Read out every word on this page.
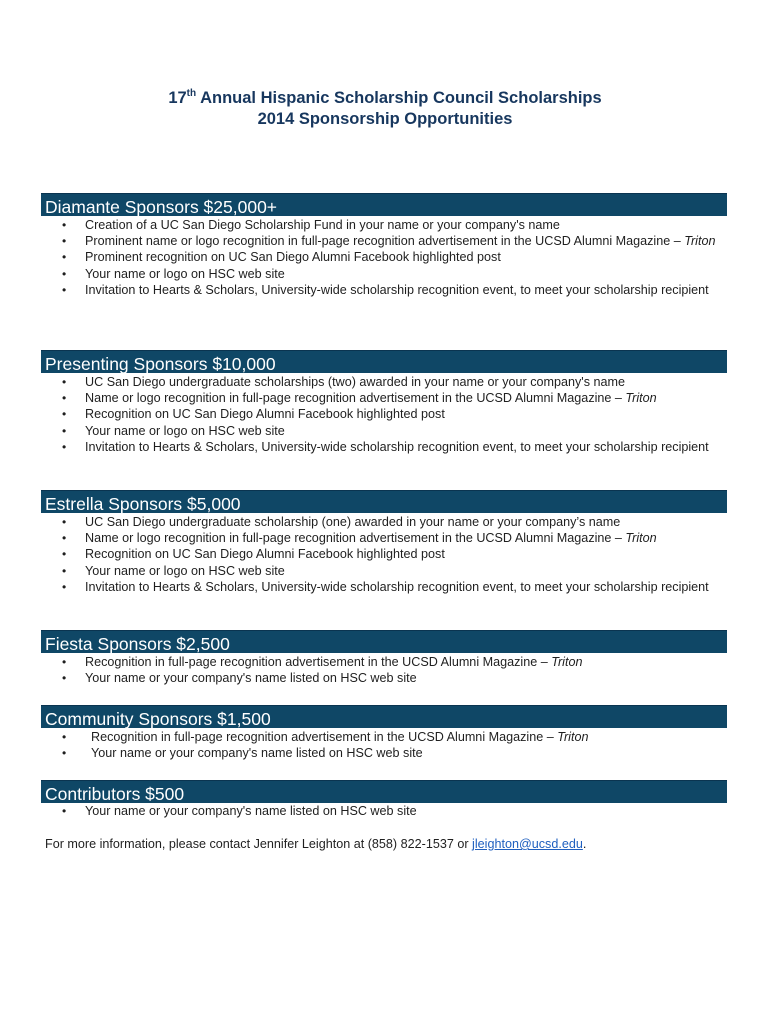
17th Annual Hispanic Scholarship Council Scholarships
2014 Sponsorship Opportunities
Diamante Sponsors $25,000+
• Creation of a UC San Diego Scholarship Fund in your name or your company's name
• Prominent name or logo recognition in full-page recognition advertisement in the UCSD Alumni Magazine – Triton
• Prominent recognition on UC San Diego Alumni Facebook highlighted post
• Your name or logo on HSC web site
• Invitation to Hearts & Scholars, University-wide scholarship recognition event, to meet your scholarship recipient
Presenting Sponsors $10,000
• UC San Diego undergraduate scholarships (two) awarded in your name or your company's name
• Name or logo recognition in full-page recognition advertisement in the UCSD Alumni Magazine – Triton
• Recognition on UC San Diego Alumni Facebook highlighted post
• Your name or logo on HSC web site
• Invitation to Hearts & Scholars, University-wide scholarship recognition event, to meet your scholarship recipient
Estrella Sponsors $5,000
• UC San Diego undergraduate scholarship (one) awarded in your name or your company’s name
• Name or logo recognition in full-page recognition advertisement in the UCSD Alumni Magazine – Triton
• Recognition on UC San Diego Alumni Facebook highlighted post
• Your name or logo on HSC web site
• Invitation to Hearts & Scholars, University-wide scholarship recognition event, to meet your scholarship recipient
Fiesta Sponsors $2,500
• Recognition in full-page recognition advertisement in the UCSD Alumni Magazine – Triton
• Your name or your company's name listed on HSC web site
Community Sponsors $1,500
• Recognition in full-page recognition advertisement in the UCSD Alumni Magazine – Triton
• Your name or your company's name listed on HSC web site
Contributors $500
• Your name or your company's name listed on HSC web site
For more information, please contact Jennifer Leighton at (858) 822-1537 or jleighton@ucsd.edu.
